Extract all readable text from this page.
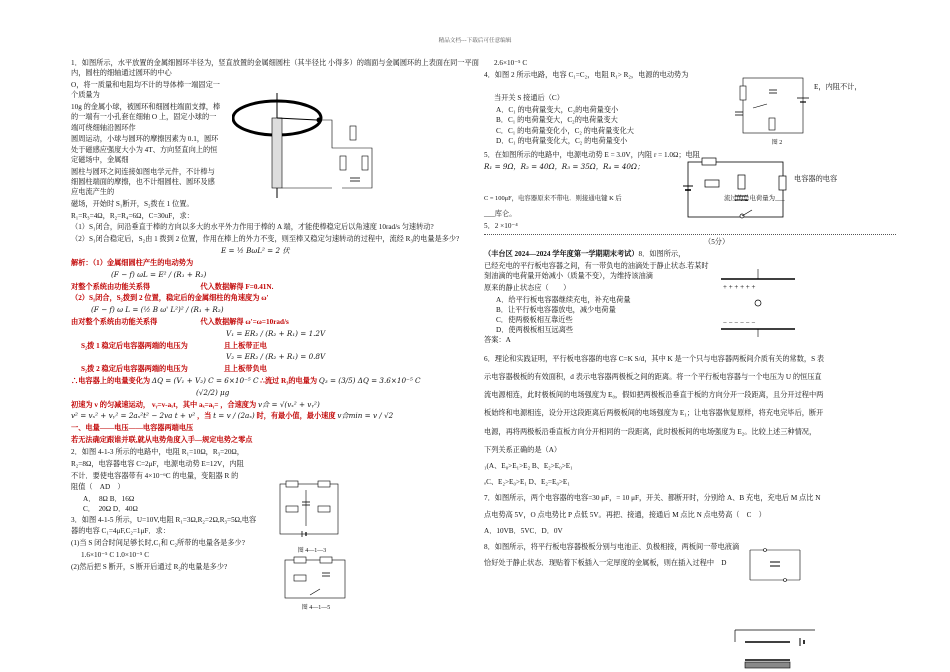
精品文档---下载后可任意编辑

1．如图所示，水平放置的金属细圆环半径为，竖直放置的金属细圆柱（其半径比 小得多）的端面与金属圆环的上表面在同一平面内，圆柱的细轴通过圆环的中心

O，将一质量和电阻均不计的导体棒一端固定一个质量为

10g 的金属小球，被圆环和细圆柱端面支撑，棒的一端有一小孔套在细轴 O 上，固定小球的一端可绕细轴沿圆环作

圆周运动，小球与圆环的摩擦因素为 0.1，圆环处于磁感应强度大小为 4T、方向竖直向上的恒定磁场中，金属细

圆柱与圆环之间连接如图电学元件，不计棒与细圆柱端面的摩擦，也不计细圆柱、圆环及感应电流产生的

磁场，开始时 S₁断开，S₂拨在 1 位置。

R₁=R₃=4Ω，R₂=R₄=6Ω，C=30uF，求：

（1）S₁闭合，问沿垂直于棒的方向以多大的水平外力作用于棒的 A 端，才能使棒稳定后以角速度 10rad/s 匀速转动?

（2）S₁闭合稳定后，S₂由 1 拨到 2 位置，作用在棒上的外力不变，则至棒又稳定匀速转动的过程中，流经 R₃的电量是多少?

E = ½ BωL² = 2 伏

解析：（1）金属细圆柱产生的电动势为

(F − f) ωL = E² / (R₁ + R₂)

对整个系统由功能关系得　　　　　　　	代入数据解得 F=0.41N.

（2）S₁闭合，S₂拨到 2 位置，稳定后的金属细柱的角速度为 ω'

(F − f) ω L = (½ B ω' L²)² / (R₁ + R₂)

由对整个系统由功能关系得　　　　　　	代入数据解得 ω'=ω=10rad/s

V₁ = ER₂ / (R₂ + R₁) = 1.2V

S₂拨 1 稳定后电容器两端的电压为　　　　　	且上板带正电

V₂ = ER₂ / (R₂ + R₁) = 0.8V

S₂拨 2 稳定后电容器两端的电压为　　　　　	且上板带负电

∴电容器上的电量变化为 ΔQ = (V₁ + V₂) C = 6×10⁻⁵ C ∴流过 R₃的电量为 Q₃ = (3/5) ΔQ = 3.6×10⁻⁵ C

(√2/2) μg

初速为 v 的匀减速运动， vᵧ=v-aₓt，其中 aₓ=aᵧ= ，合速度为 v合 = √(vₓ² + vᵧ²)

v² = vₓ² + vᵧ² = 2aₓ²t² − 2va t + v² ，当 t = v / (2aₓ) 时，有最小值，最小速度 v合min = v / √2

一、电量——电压——电容器两端电压

若无法确定跟谁并联,就从电势角度入手—规定电势之零点

2．如图 4-1-3 所示的电路中，电阻 R₁=10Ω，R₃=20Ω，

R₂=8Ω，电容器电容 C=2μF，电源电动势 E=12V，内阻

不计．要使电容器带有 4×10⁻⁶C 的电量，变阻器 R 的

阻值（　AD　）

A．　8Ω B．16Ω

C．　20Ω D．40Ω

3．如图 4-1-5 所示，U=10V,电阻 R₁=3Ω,R₂=2Ω,R₃=5Ω,电容

器的电容 C₁=4μF,C₂=1μF．求：

(1)当 S 闭合时间足够长时,C₁和 C₂所带的电量各是多少?

1.6×10⁻⁵ C 1.0×10⁻⁵ C

(2)然后把 S 断开，S 断开后通过 R₂的电量是多少?

图 4—1—3
图 4—1—5

2.6×10⁻⁵ C

4．如图 2 所示电路，电容 C₁=C₂，电阻 R₁> R₂，电源的电动势为

E，内阻不计，

当开关 S 接通后（C）

A．C₁ 的电荷量变大，C₂的电荷量变小

B．C₁ 的电荷量变大，C₂的电荷量变大

C．C₁ 的电荷量变化小，C₂ 的电荷量变化大

D．C₁ 的电荷量变化大，C₂ 的电荷量变小

5．在如图所示的电路中，电源电动势 E = 3.0V，内阻 r = 1.0Ω；电阻

R₁ = 9Ω，R₂ = 40Ω，R₃ = 35Ω，R₄ = 40Ω；

电容器的电容

C = 100μF，电容器原来不带电．则接通电键 K 后　　　　　　　　　　　　　　　　	流过的总电荷量为___

___库仑。

5．2 ×10⁻⁴

（5分）

（丰台区 2024—2024 学年度第一学期期末考试）8．如图所示，

已经充电的平行板电容器之间，有一带负电的油滴处于静止状态.若某时刻油滴的电荷量开始减小（质量不变），为维持该油滴

原来的静止状态应（　　）

A．给平行板电容器继续充电，补充电荷量

B．让平行板电容器放电，减少电荷量

C．使两极板相互靠近些

D．使两极板相互远离些

答案：A

6．理论和实践证明，平行板电容器的电容 C=K S/d，其中 K 是一个只与电容器两板间介质有关的常数，S 表

示电容器极板的有效面积，d 表示电容器两极板之间的距离。将一个平行板电容器与一个电压为 U 的恒压直

流电源相连，此时极板间的电场强度为 E₀，假如把两极板沿垂直于板的方向分开一段距离，且分开过程中两

板始终和电源相连，设分开这段距离后两极板间的电场强度为 E₁；让电容器恢复原样，将充电完毕后，断开

电源，再将两极板沿垂直板方向分开相同的一段距离，此时极板间的电场强度为 E₂。比较上述三种情况，

下列关系正确的是（A）

₁(A、E₀>E₁>E₂ B、E₂>E₀>E₁

ₒC、E₂>E₀>E₁ D、E₂=E₀>E₁

7．如图所示，两个电容器的电容=30 μF，= 10 μF，开关、都断开时，分别给 A、B 充电，充电后 M 点比 N

点电势高 5V，O 点电势比 P 点低 5V。再把、接通，接通后 M 点比 N 点电势高（　C　）

A．10VB．5VC．D．0V

8．如图所示，将平行板电容器极板分别与电池正、负极相接，两板间一带电液滴

恰好处于静止状态．现贴着下板插入一定厚度的金属板，则在插入过程中　D

图 2
+ + + + + +
− − − − − −
